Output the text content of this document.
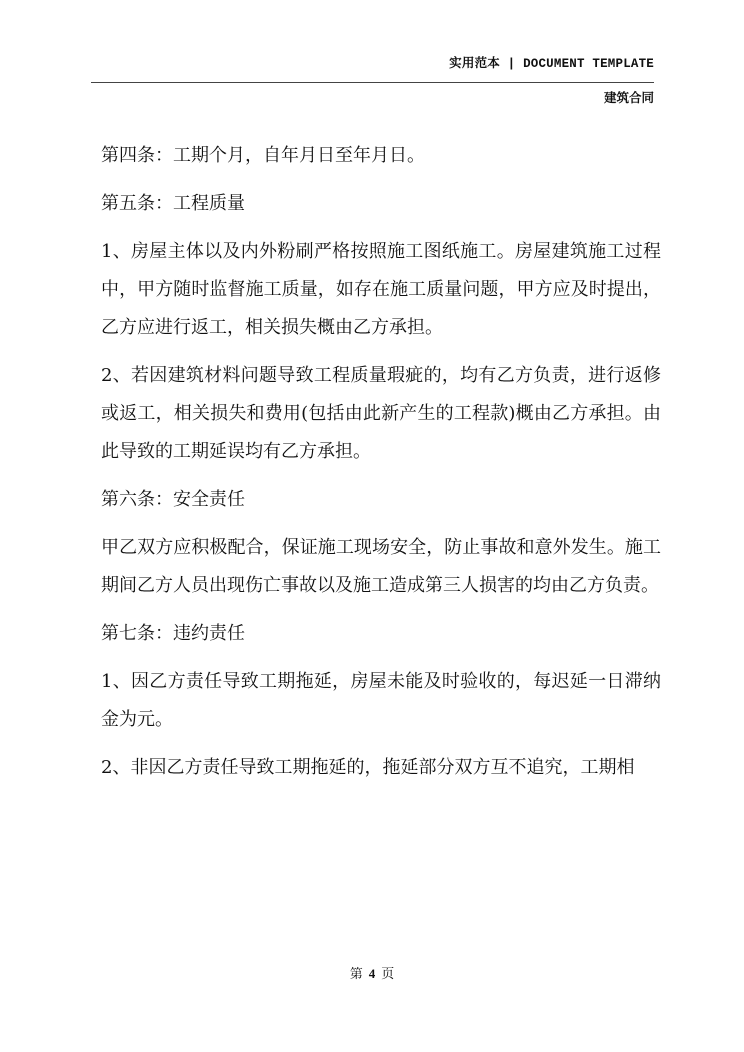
实用范本 | DOCUMENT TEMPLATE
建筑合同

第四条：工期个月，自年月日至年月日。

第五条：工程质量

1、房屋主体以及内外粉刷严格按照施工图纸施工。房屋建筑施工过程中，甲方随时监督施工质量，如存在施工质量问题，甲方应及时提出，乙方应进行返工，相关损失概由乙方承担。

2、若因建筑材料问题导致工程质量瑕疵的，均有乙方负责，进行返修或返工，相关损失和费用(包括由此新产生的工程款)概由乙方承担。由此导致的工期延误均有乙方承担。

第六条：安全责任

甲乙双方应积极配合，保证施工现场安全，防止事故和意外发生。施工期间乙方人员出现伤亡事故以及施工造成第三人损害的均由乙方负责。

第七条：违约责任

1、因乙方责任导致工期拖延，房屋未能及时验收的，每迟延一日滞纳金为元。

2、非因乙方责任导致工期拖延的，拖延部分双方互不追究，工期相

第 4 页
